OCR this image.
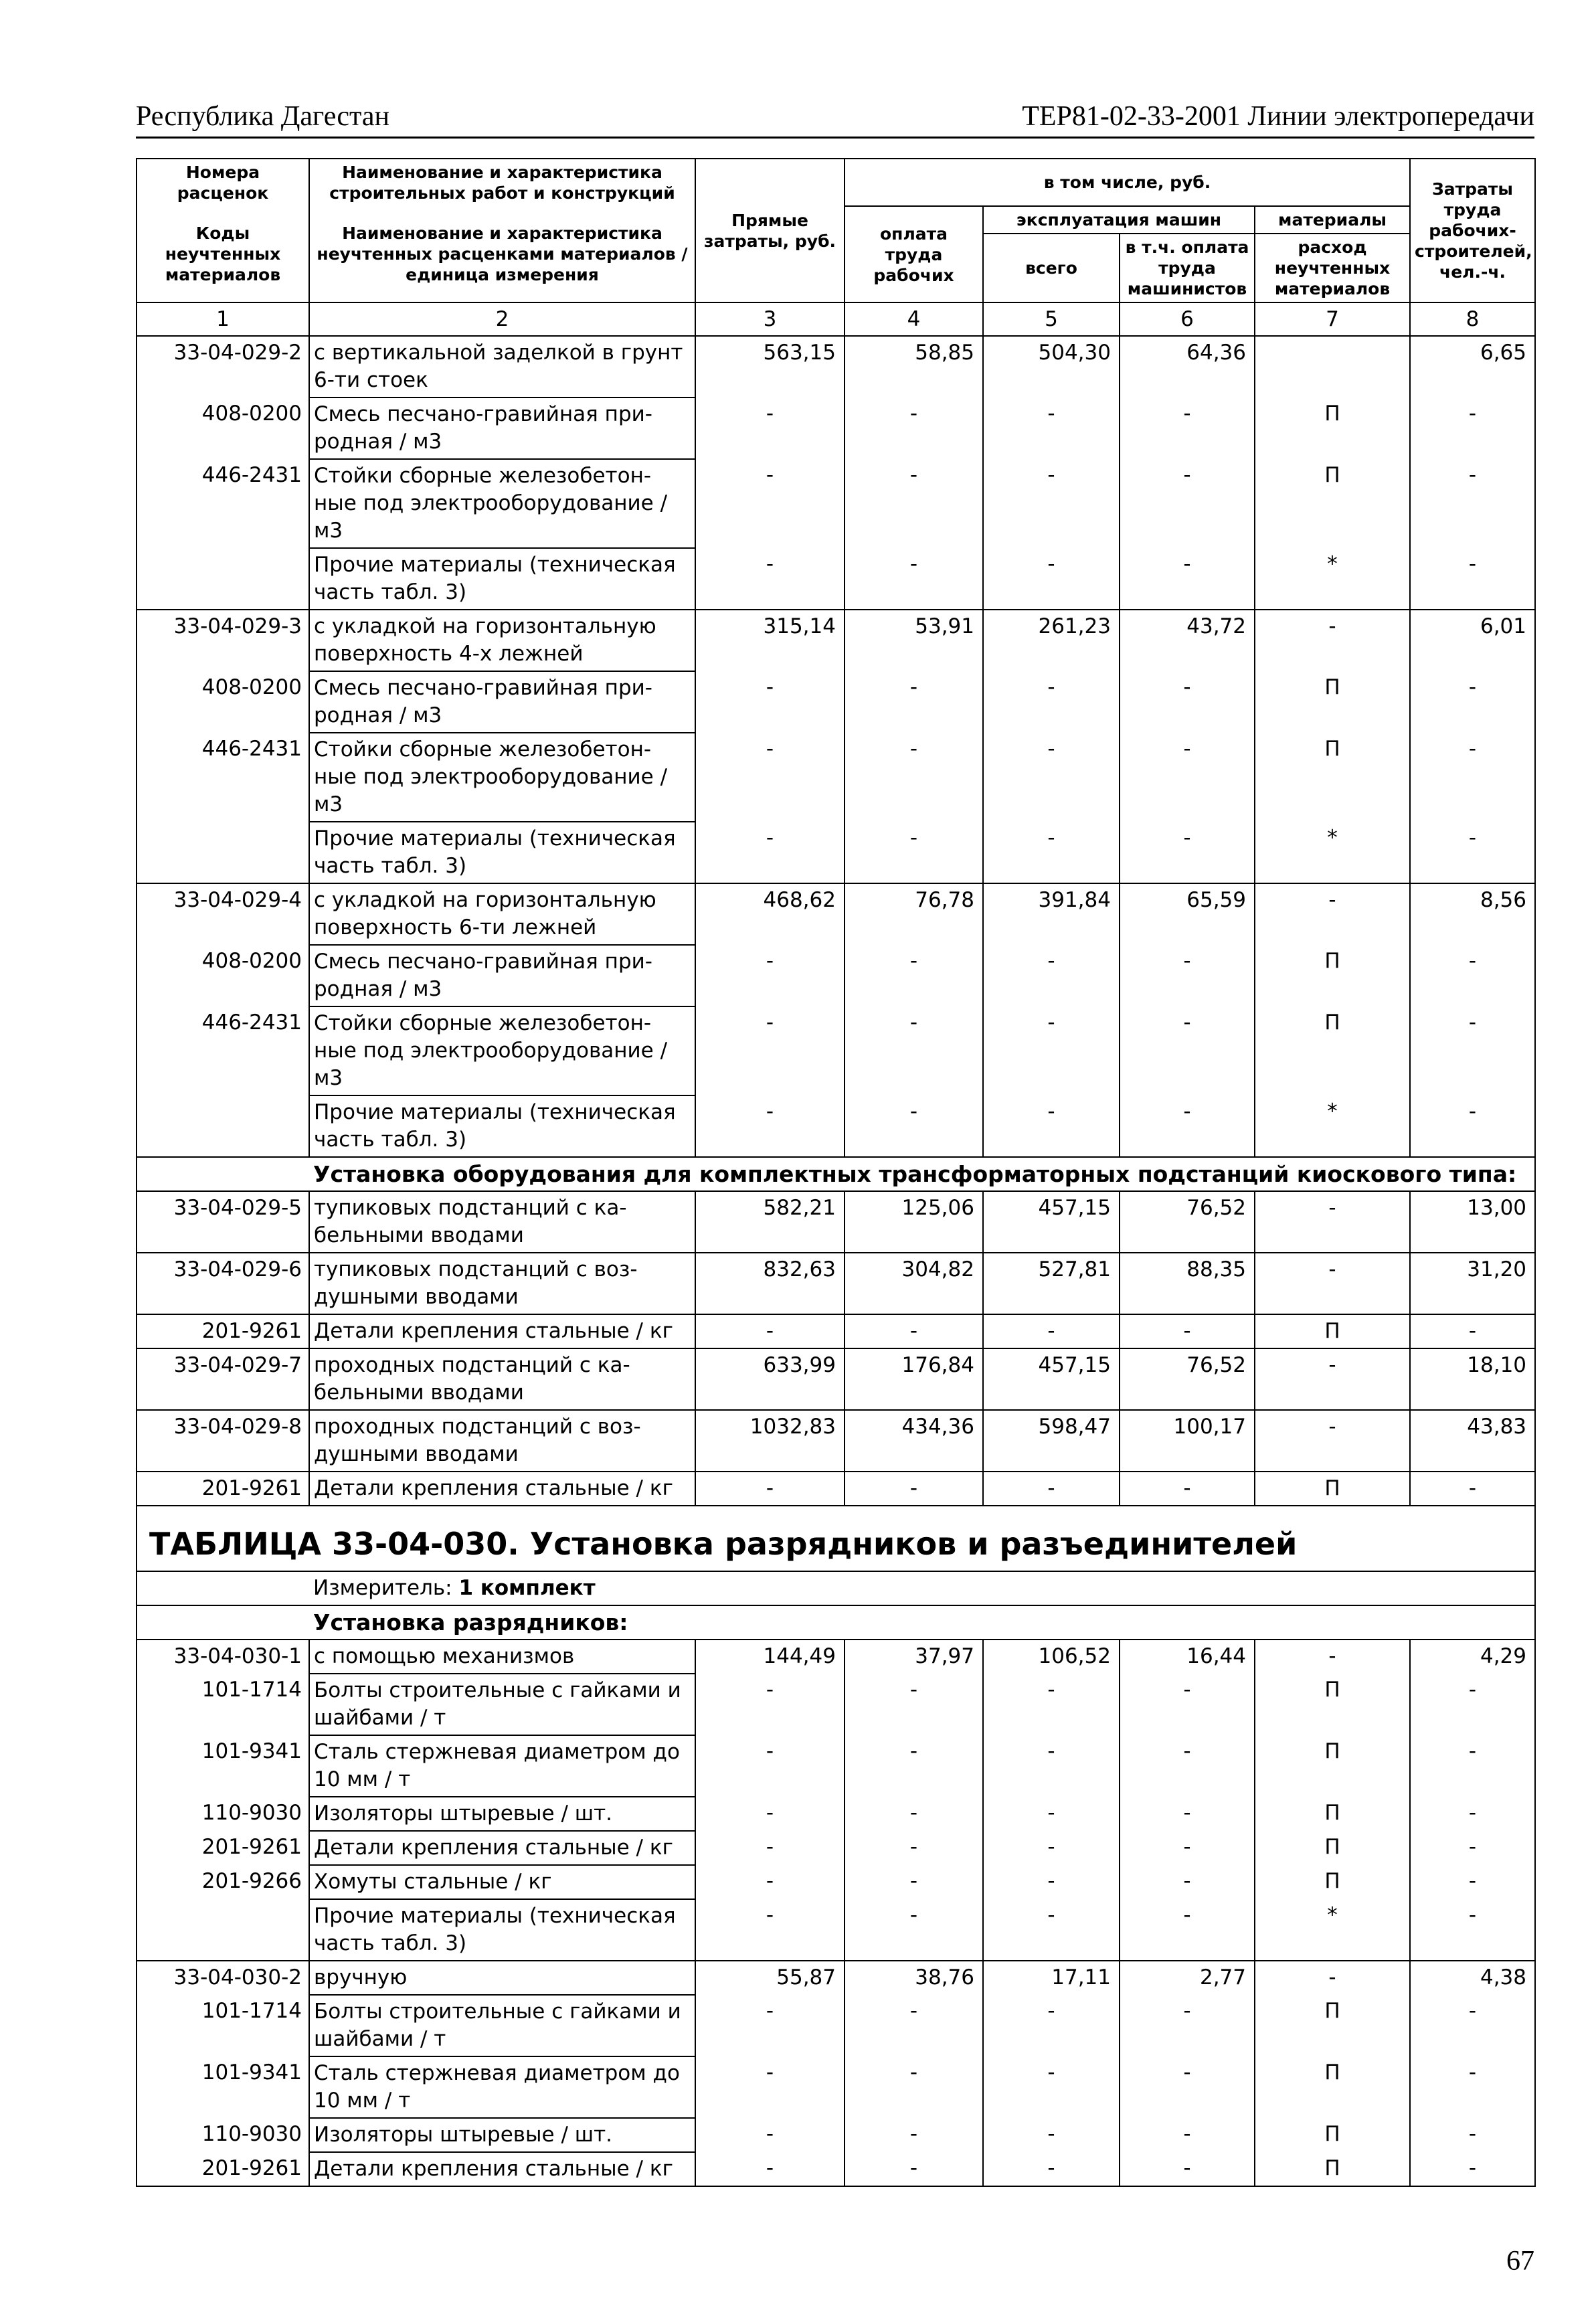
Республика Дагестан	ТЕР81-02-33-2001 Линии электропередачи
Номера расценок	Наименование и характеристика строительных работ и конструкций	Прямые затраты, руб.	в том числе, руб.				Затраты труда рабочих-строителей, чел.-ч.
Коды неучтенных материалов	Наименование и характеристика неучтенных расценками материалов / единица измерения		оплата труда рабочих	эксплуатация машин		материалы	
				всего	в т.ч. оплата труда машинистов	расход неучтенных материалов	
1	2	3	4	5	6	7	8
33-04-029-2	с вертикальной заделкой в грунт 6-ти стоек	563,15	58,85	504,30	64,36		6,65
408-0200	Смесь песчано-гравийная при-родная / м3	-	-	-	-	П	-
446-2431	Стойки сборные железобетон-ные под электрооборудование / м3	-	-	-	-	П	-
	Прочие материалы (техническая часть табл. 3)	-	-	-	-	*	-
33-04-029-3	с укладкой на горизонтальную поверхность 4-х лежней	315,14	53,91	261,23	43,72	-	6,01
408-0200	Смесь песчано-гравийная при-родная / м3	-	-	-	-	П	-
446-2431	Стойки сборные железобетон-ные под электрооборудование / м3	-	-	-	-	П	-
	Прочие материалы (техническая часть табл. 3)	-	-	-	-	*	-
33-04-029-4	с укладкой на горизонтальную поверхность 6-ти лежней	468,62	76,78	391,84	65,59	-	8,56
408-0200	Смесь песчано-гравийная при-родная / м3	-	-	-	-	П	-
446-2431	Стойки сборные железобетон-ные под электрооборудование / м3	-	-	-	-	П	-
	Прочие материалы (техническая часть табл. 3)	-	-	-	-	*	-
	Установка оборудования для комплектных трансформаторных подстанций киоскового типа:						
33-04-029-5	тупиковых подстанций с ка-бельными вводами	582,21	125,06	457,15	76,52	-	13,00
33-04-029-6	тупиковых подстанций с воз-душными вводами	832,63	304,82	527,81	88,35	-	31,20
201-9261	Детали крепления стальные / кг	-	-	-	-	П	-
33-04-029-7	проходных подстанций с ка-бельными вводами	633,99	176,84	457,15	76,52	-	18,10
33-04-029-8	проходных подстанций с воз-душными вводами	1032,83	434,36	598,47	100,17	-	43,83
201-9261	Детали крепления стальные / кг	-	-	-	-	П	-
ТАБЛИЦА 33-04-030. Установка разрядников и разъединителей							
	Измеритель: 1 комплект						
	Установка разрядников:						
33-04-030-1	с помощью механизмов	144,49	37,97	106,52	16,44	-	4,29
101-1714	Болты строительные с гайками и шайбами / т	-	-	-	-	П	-
101-9341	Сталь стержневая диаметром до 10 мм / т	-	-	-	-	П	-
110-9030	Изоляторы штыревые / шт.	-	-	-	-	П	-
201-9261	Детали крепления стальные / кг	-	-	-	-	П	-
201-9266	Хомуты стальные / кг	-	-	-	-	П	-
	Прочие материалы (техническая часть табл. 3)	-	-	-	-	*	-
33-04-030-2	вручную	55,87	38,76	17,11	2,77	-	4,38
101-1714	Болты строительные с гайками и шайбами / т	-	-	-	-	П	-
101-9341	Сталь стержневая диаметром до 10 мм / т	-	-	-	-	П	-
110-9030	Изоляторы штыревые / шт.	-	-	-	-	П	-
201-9261	Детали крепления стальные / кг	-	-	-	-	П	-
67
